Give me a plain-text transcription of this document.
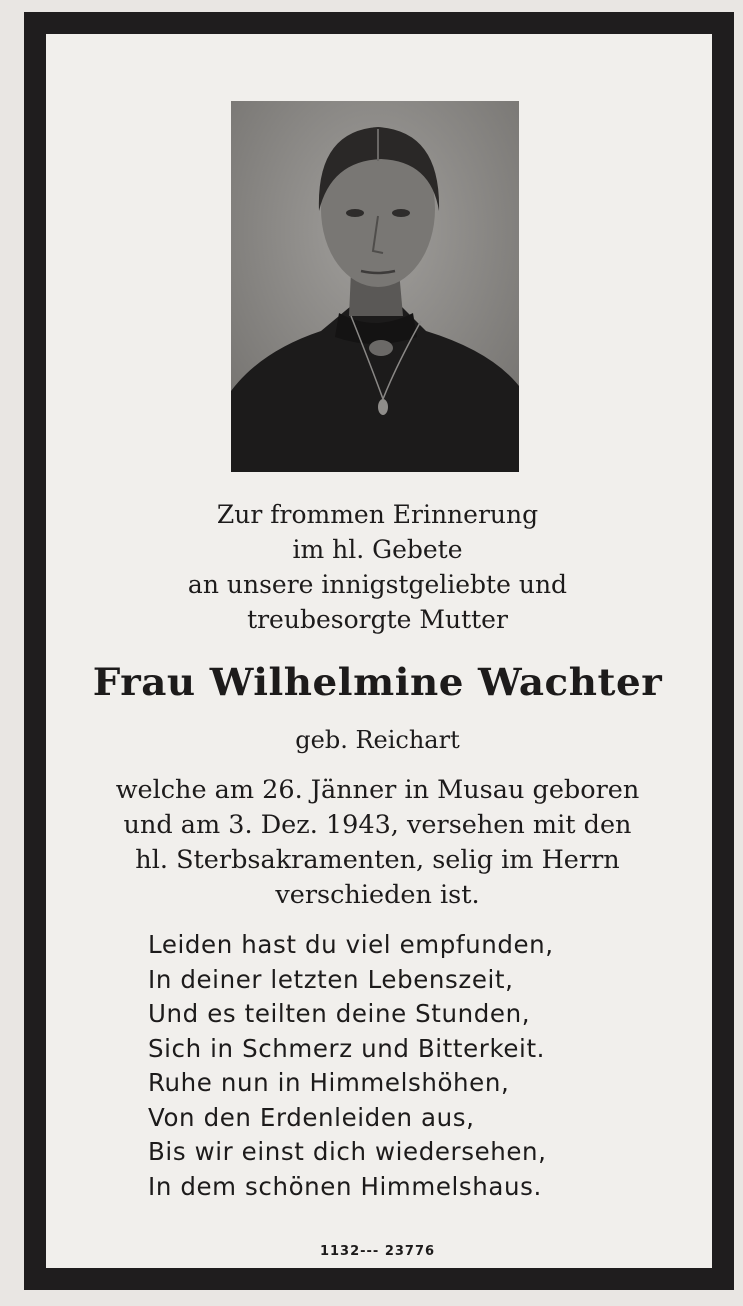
Zur frommen Erinnerung
im hl. Gebete
an unsere innigstgeliebte und
treubesorgte Mutter
Frau Wilhelmine Wachter
geb. Reichart
welche am 26. Jänner in Musau geboren
und am 3. Dez. 1943, versehen mit den
hl. Sterbsakramenten, selig im Herrn
verschieden ist.
Leiden hast du viel empfunden,
In deiner letzten Lebenszeit,
Und es teilten deine Stunden,
Sich in Schmerz und Bitterkeit.
Ruhe nun in Himmelshöhen,
Von den Erdenleiden aus,
Bis wir einst dich wiedersehen,
In dem schönen Himmelshaus.
1132--- 23776
